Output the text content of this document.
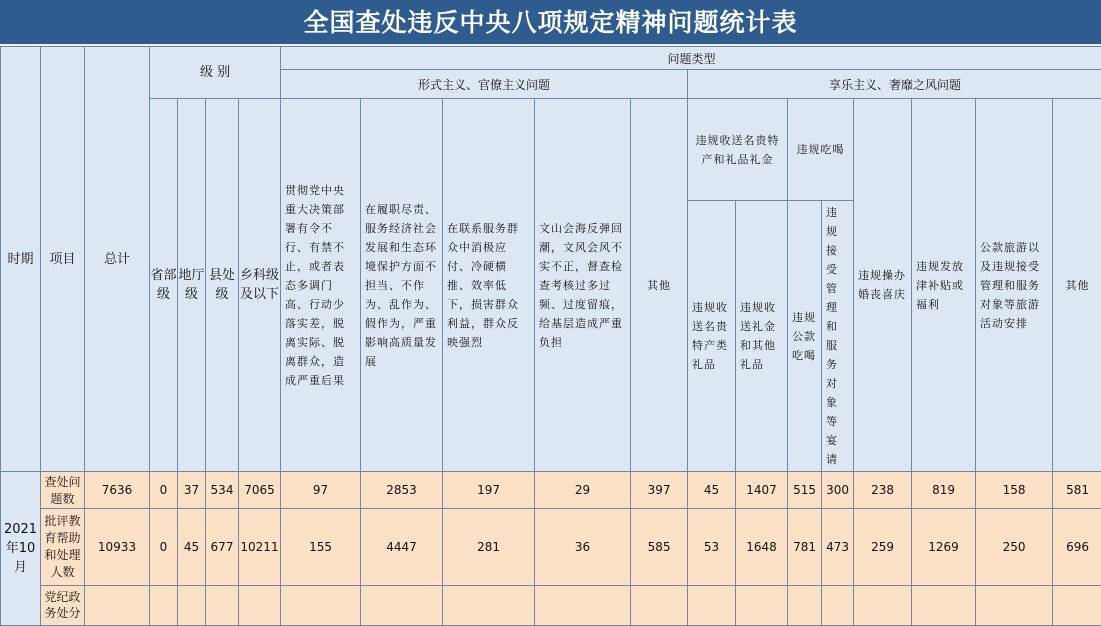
全国查处违反中央八项规定精神问题统计表
时期	项目	总计	级 别				问题类型												
							形式主义、官僚主义问题					享乐主义、奢靡之风问题							
			省部级	地厅级	县处级	乡科级及以下	贯彻党中央重大决策部署有令不行、有禁不止，或者表态多调门高、行动少落实差，脱离实际、脱离群众，造成严重后果	在履职尽责、服务经济社会发展和生态环境保护方面不担当、不作为、乱作为、假作为，严重影响高质量发展	在联系服务群众中消极应付、冷硬横推、效率低下，损害群众利益，群众反映强烈	文山会海反弹回潮，文风会风不实不正，督查检查考核过多过频、过度留痕，给基层造成严重负担	其他	违规收送名贵特产和礼品礼金		违规吃喝		违规操办婚丧喜庆	违规发放津补贴或福利	公款旅游以及违规接受管理和服务对象等旅游活动安排	其他
												违规收送名贵特产类礼品	违规收送礼金和其他礼品	违规公款吃喝	违规接受管理和服务对象等宴请				
2021年10月	查处问题数	7636	0	37	534	7065	97	2853	197	29	397	45	1407	515	300	238	819	158	581
	批评教育帮助和处理人数	10933	0	45	677	10211	155	4447	281	36	585	53	1648	781	473	259	1269	250	696
	党纪政务处分																		
